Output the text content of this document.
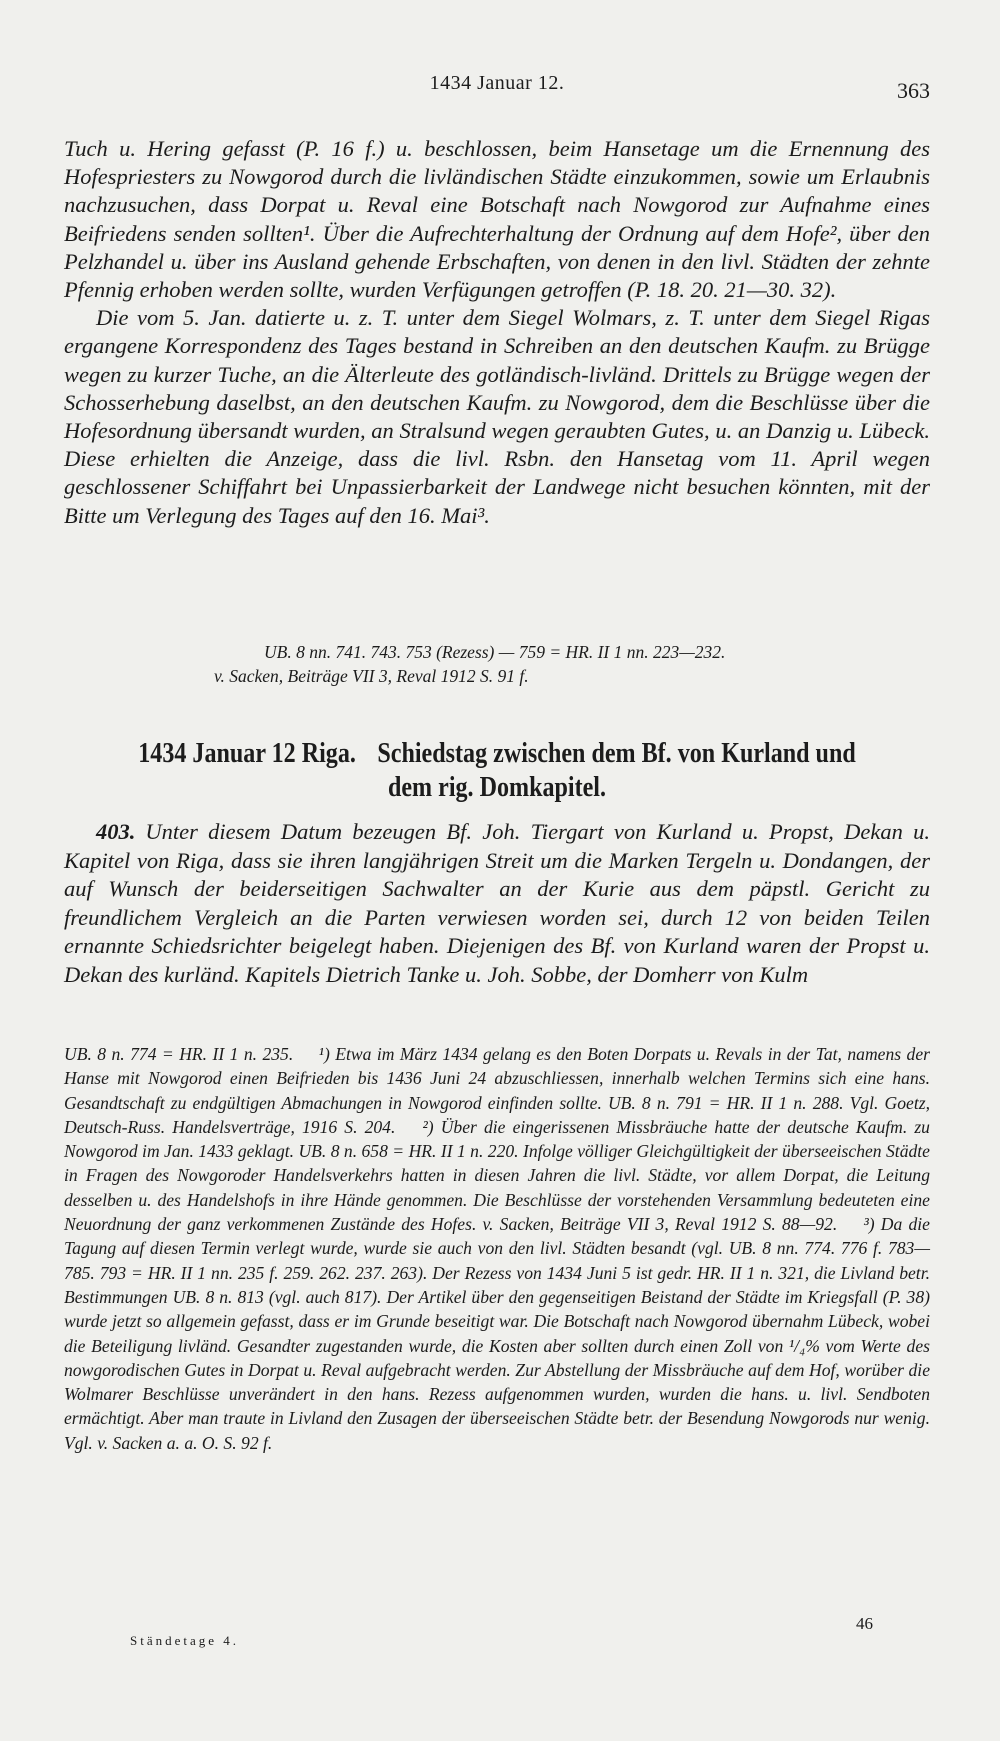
1434 Januar 12.	363

Tuch u. Hering gefasst (P. 16 f.) u. beschlossen, beim Hansetage um die Ernennung des Hofespriesters zu Nowgorod durch die livländischen Städte einzukommen, sowie um Erlaubnis nachzusuchen, dass Dorpat u. Reval eine Botschaft nach Nowgorod zur Aufnahme eines Beifriedens senden sollten¹. Über die Aufrechterhaltung der Ordnung auf dem Hofe², über den Pelzhandel u. über ins Ausland gehende Erbschaften, von denen in den livl. Städten der zehnte Pfennig erhoben werden sollte, wurden Verfügungen getroffen (P. 18. 20. 21—30. 32).

Die vom 5. Jan. datierte u. z. T. unter dem Siegel Wolmars, z. T. unter dem Siegel Rigas ergangene Korrespondenz des Tages bestand in Schreiben an den deutschen Kaufm. zu Brügge wegen zu kurzer Tuche, an die Älterleute des gotländisch-livländ. Drittels zu Brügge wegen der Schosserhebung daselbst, an den deutschen Kaufm. zu Nowgorod, dem die Beschlüsse über die Hofesordnung übersandt wurden, an Stralsund wegen geraubten Gutes, u. an Danzig u. Lübeck. Diese erhielten die Anzeige, dass die livl. Rsbn. den Hansetag vom 11. April wegen geschlossener Schiffahrt bei Unpassierbarkeit der Landwege nicht besuchen könnten, mit der Bitte um Verlegung des Tages auf den 16. Mai³.

UB. 8 nn. 741. 743. 753 (Rezess) — 759 = HR. II 1 nn. 223—232.
v. Sacken, Beiträge VII 3, Reval 1912 S. 91 f.
1434 Januar 12 Riga. Schiedstag zwischen dem Bf. von Kurland und dem rig. Domkapitel.
403. Unter diesem Datum bezeugen Bf. Joh. Tiergart von Kurland u. Propst, Dekan u. Kapitel von Riga, dass sie ihren langjährigen Streit um die Marken Tergeln u. Dondangen, der auf Wunsch der beiderseitigen Sachwalter an der Kurie aus dem päpstl. Gericht zu freundlichem Vergleich an die Parten verwiesen worden sei, durch 12 von beiden Teilen ernannte Schiedsrichter beigelegt haben. Diejenigen des Bf. von Kurland waren der Propst u. Dekan des kurländ. Kapitels Dietrich Tanke u. Joh. Sobbe, der Domherr von Kulm
UB. 8 n. 774 = HR. II 1 n. 235. ¹) Etwa im März 1434 gelang es den Boten Dorpats u. Revals in der Tat, namens der Hanse mit Nowgorod einen Beifrieden bis 1436 Juni 24 abzuschliessen, innerhalb welchen Termins sich eine hans. Gesandtschaft zu endgültigen Abmachungen in Nowgorod einfinden sollte. UB. 8 n. 791 = HR. II 1 n. 288. Vgl. Goetz, Deutsch-Russ. Handelsverträge, 1916 S. 204. ²) Über die eingerissenen Missbräuche hatte der deutsche Kaufm. zu Nowgorod im Jan. 1433 geklagt. UB. 8 n. 658 = HR. II 1 n. 220. Infolge völliger Gleichgültigkeit der überseeischen Städte in Fragen des Nowgoroder Handelsverkehrs hatten in diesen Jahren die livl. Städte, vor allem Dorpat, die Leitung desselben u. des Handelshofs in ihre Hände genommen. Die Beschlüsse der vorstehenden Versammlung bedeuteten eine Neuordnung der ganz verkommenen Zustände des Hofes. v. Sacken, Beiträge VII 3, Reval 1912 S. 88—92. ³) Da die Tagung auf diesen Termin verlegt wurde, wurde sie auch von den livl. Städten besandt (vgl. UB. 8 nn. 774. 776 f. 783—785. 793 = HR. II 1 nn. 235 f. 259. 262. 237. 263). Der Rezess von 1434 Juni 5 ist gedr. HR. II 1 n. 321, die Livland betr. Bestimmungen UB. 8 n. 813 (vgl. auch 817). Der Artikel über den gegenseitigen Beistand der Städte im Kriegsfall (P. 38) wurde jetzt so allgemein gefasst, dass er im Grunde beseitigt war. Die Botschaft nach Nowgorod übernahm Lübeck, wobei die Beteiligung livländ. Gesandter zugestanden wurde, die Kosten aber sollten durch einen Zoll von ¹/₄% vom Werte des nowgorodischen Gutes in Dorpat u. Reval aufgebracht werden. Zur Abstellung der Missbräuche auf dem Hof, worüber die Wolmarer Beschlüsse unverändert in den hans. Rezess aufgenommen wurden, wurden die hans. u. livl. Sendboten ermächtigt. Aber man traute in Livland den Zusagen der überseeischen Städte betr. der Besendung Nowgorods nur wenig. Vgl. v. Sacken a. a. O. S. 92 f.
Ständetage 4.
46
